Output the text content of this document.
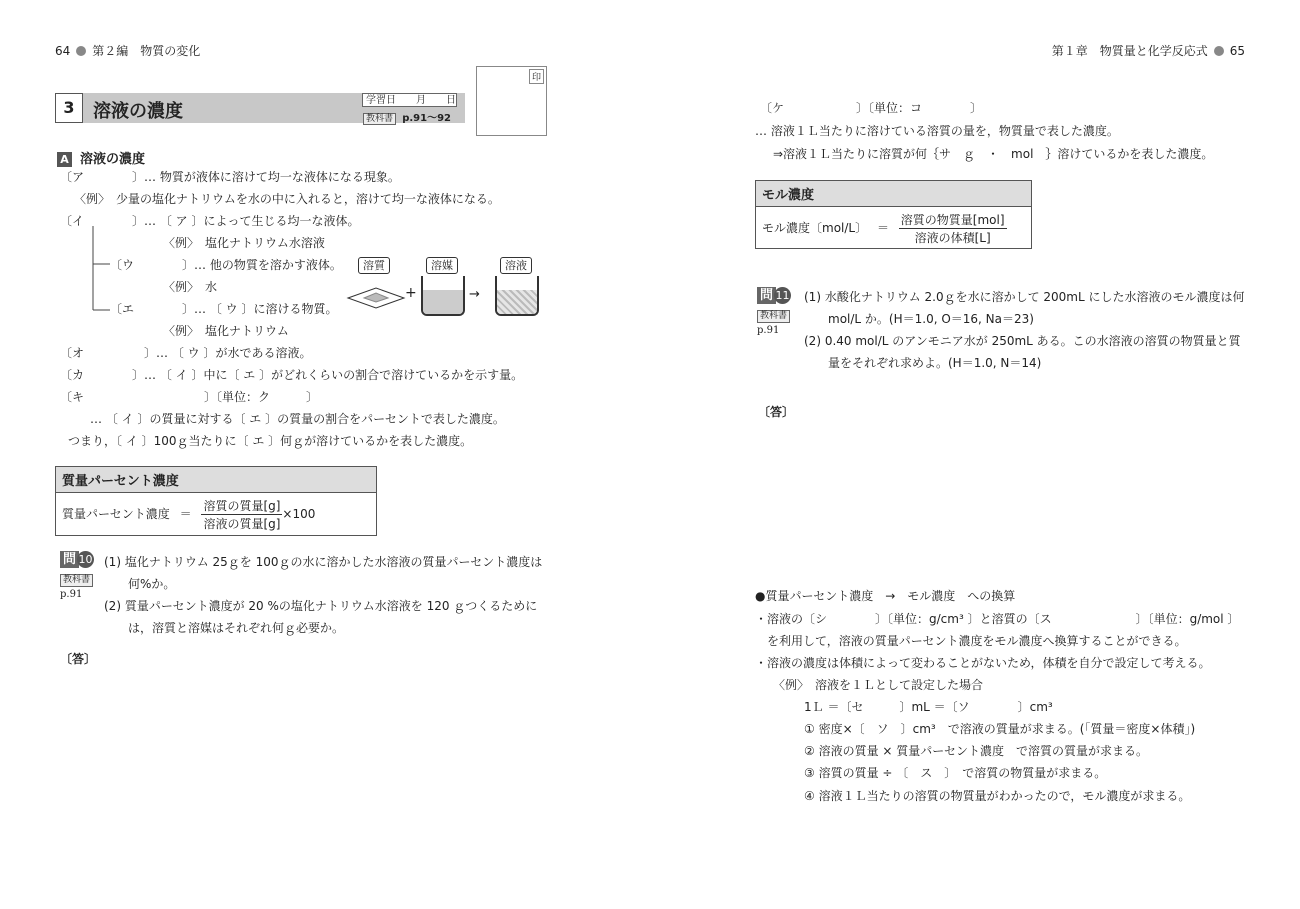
64 第２編　物質の変化	第１章　物質量と化学反応式 65
3	溶液の濃度
学習日　　月　　日
教科書 p.91～92
印
A 溶液の濃度
〔ア　　　　〕… 物質が液体に溶けて均一な液体になる現象。
〈例〉　少量の塩化ナトリウムを水の中に入れると，溶けて均一な液体になる。
〔イ　　　　〕… 〔 ア 〕によって生じる均一な液体。
〈例〉　塩化ナトリウム水溶液
〔ウ　　　　〕… 他の物質を溶かす液体。
〈例〉　水
〔エ　　　　〕… 〔 ウ 〕に溶ける物質。
〈例〉　塩化ナトリウム
〔オ　　　　　〕… 〔 ウ 〕が水である溶液。
〔カ　　　　〕… 〔 イ 〕中に〔 エ 〕がどれくらいの割合で溶けているかを示す量。
〔キ　　　　　　　　　　〕〔単位：ク　　　〕
… 〔 イ 〕の質量に対する〔 エ 〕の質量の割合をパーセントで表した濃度。
つまり，〔 イ 〕100ｇ当たりに〔 エ 〕何ｇが溶けているかを表した濃度。
溶質	溶媒	溶液
+	→
質量パーセント濃度
質量パーセント濃度 ＝ $\frac{\text{溶質の質量[g]}}{\text{溶液の質量[g]}} \times 100$
問 10
教科書
p.91
(1) 塩化ナトリウム 25ｇを 100ｇの水に溶かした水溶液の質量パーセント濃度は
何%か。
(2) 質量パーセント濃度が 20 %の塩化ナトリウム水溶液を 120 ｇつくるために
は，溶質と溶媒はそれぞれ何ｇ必要か。
〔答〕
〔ケ　　　　　　〕〔単位：コ　　　　〕
… 溶液１Ｌ当たりに溶けている溶質の量を，物質量で表した濃度。
⇒溶液１Ｌ当たりに溶質が何｛サ　ｇ　・　mol　｝溶けているかを表した濃度。
モル濃度
モル濃度〔mol/L〕 ＝ $\frac{\text{溶質の物質量[mol]}}{\text{溶液の体積[L]}}$
問 11
教科書
p.91
(1) 水酸化ナトリウム 2.0ｇを水に溶かして 200mL にした水溶液のモル濃度は何
mol/L か。(H＝1.0, O＝16, Na＝23)
(2) 0.40 mol/L のアンモニア水が 250mL ある。この水溶液の溶質の物質量と質
量をそれぞれ求めよ。(H＝1.0, N＝14)
〔答〕
●質量パーセント濃度　→　モル濃度　への換算
・溶液の〔シ　　　　〕〔単位：g/cm³ 〕と溶質の〔ス　　　　　　　〕〔単位：g/mol 〕
を利用して，溶液の質量パーセント濃度をモル濃度へ換算することができる。
・溶液の濃度は体積によって変わることがないため，体積を自分で設定して考える。
〈例〉　溶液を１Ｌとして設定した場合
1Ｌ ＝〔セ　　　〕mL ＝〔ソ　　　　〕cm³
① 密度×〔　ソ　〕cm³　で溶液の質量が求まる。(「質量＝密度×体積」)
② 溶液の質量 × 質量パーセント濃度　で溶質の質量が求まる。
③ 溶質の質量 ÷ 〔　ス　〕　で溶質の物質量が求まる。
④ 溶液１Ｌ当たりの溶質の物質量がわかったので，モル濃度が求まる。
